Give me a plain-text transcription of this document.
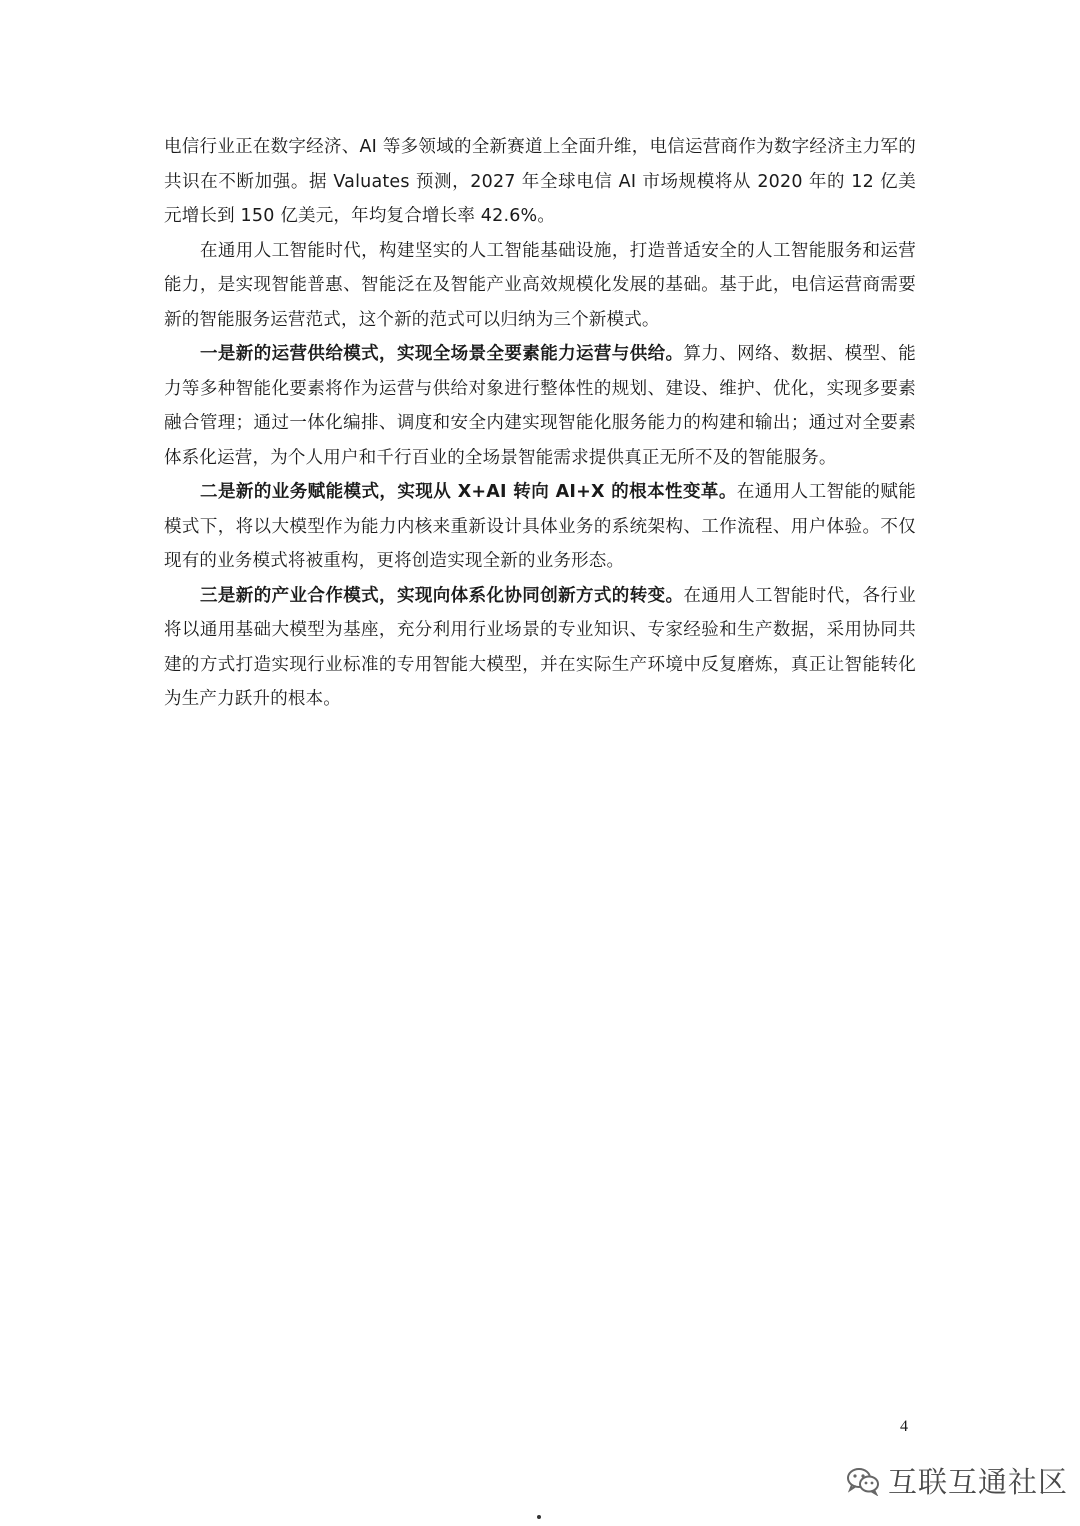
电信行业正在数字经济、AI 等多领域的全新赛道上全面升维，电信运营商作为数字经济主力军的共识在不断加强。据 Valuates 预测，2027 年全球电信 AI 市场规模将从 2020 年的 12 亿美元增长到 150 亿美元，年均复合增长率 42.6%。

在通用人工智能时代，构建坚实的人工智能基础设施，打造普适安全的人工智能服务和运营能力，是实现智能普惠、智能泛在及智能产业高效规模化发展的基础。基于此，电信运营商需要新的智能服务运营范式，这个新的范式可以归纳为三个新模式。

一是新的运营供给模式，实现全场景全要素能力运营与供给。算力、网络、数据、模型、能力等多种智能化要素将作为运营与供给对象进行整体性的规划、建设、维护、优化，实现多要素融合管理；通过一体化编排、调度和安全内建实现智能化服务能力的构建和输出；通过对全要素体系化运营，为个人用户和千行百业的全场景智能需求提供真正无所不及的智能服务。

二是新的业务赋能模式，实现从 X+AI 转向 AI+X 的根本性变革。在通用人工智能的赋能模式下，将以大模型作为能力内核来重新设计具体业务的系统架构、工作流程、用户体验。不仅现有的业务模式将被重构，更将创造实现全新的业务形态。

三是新的产业合作模式，实现向体系化协同创新方式的转变。在通用人工智能时代，各行业将以通用基础大模型为基座，充分利用行业场景的专业知识、专家经验和生产数据，采用协同共建的方式打造实现行业标准的专用智能大模型，并在实际生产环境中反复磨炼，真正让智能转化为生产力跃升的根本。

4
互联互通社区
